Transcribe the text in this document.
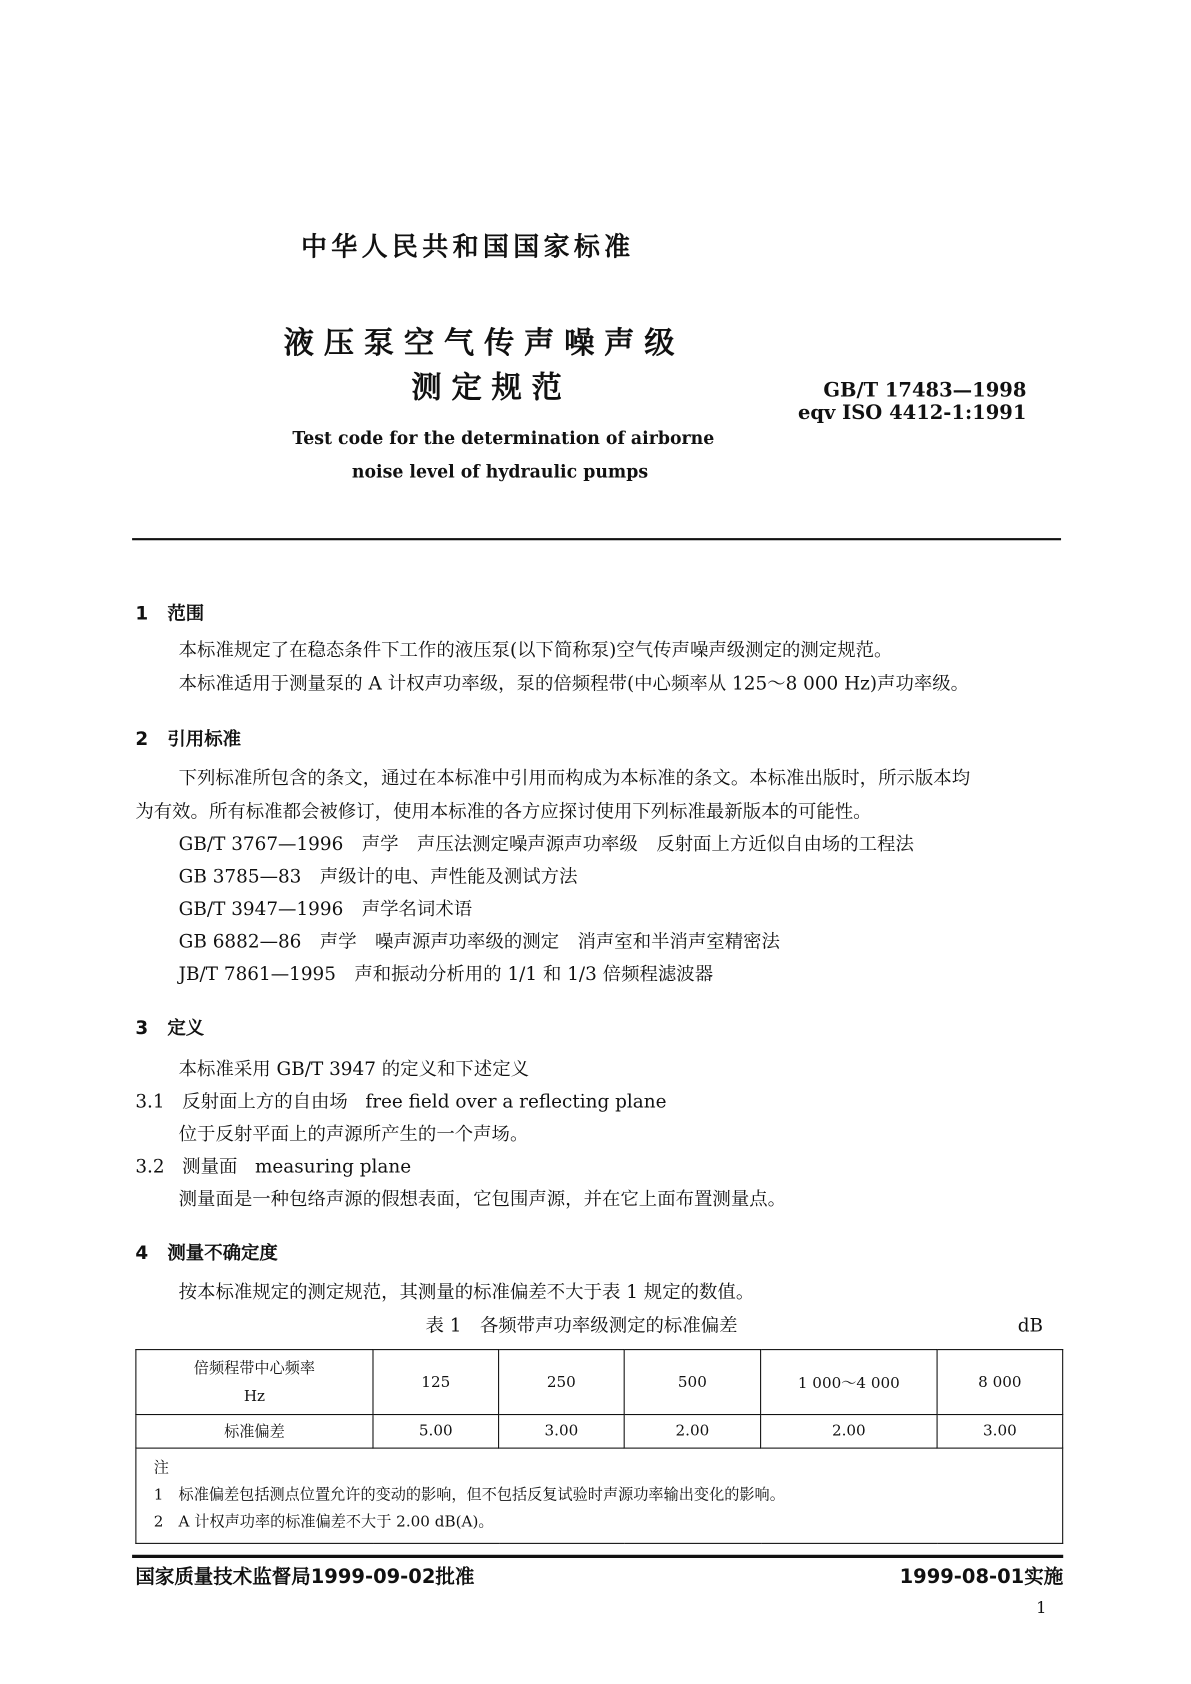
中华人民共和国国家标准
液压泵空气传声噪声级
测定规范	GB/T 17483—1998
eqv ISO 4412-1:1991
Test code for the determination of airborne
noise level of hydraulic pumps
1 范围
本标准规定了在稳态条件下工作的液压泵(以下简称泵)空气传声噪声级测定的测定规范。
本标准适用于测量泵的 A 计权声功率级，泵的倍频程带(中心频率从 125～8 000 Hz)声功率级。
2 引用标准
下列标准所包含的条文，通过在本标准中引用而构成为本标准的条文。本标准出版时，所示版本均
为有效。所有标准都会被修订，使用本标准的各方应探讨使用下列标准最新版本的可能性。
GB/T 3767—1996　声学　声压法测定噪声源声功率级　反射面上方近似自由场的工程法
GB 3785—83　声级计的电、声性能及测试方法
GB/T 3947—1996　声学名词术语
GB 6882—86　声学　噪声源声功率级的测定　消声室和半消声室精密法
JB/T 7861—1995　声和振动分析用的 1/1 和 1/3 倍频程滤波器
3 定义
本标准采用 GB/T 3947 的定义和下述定义
3.1 反射面上方的自由场 free field over a reflecting plane
位于反射平面上的声源所产生的一个声场。
3.2 测量面 measuring plane
测量面是一种包络声源的假想表面，它包围声源，并在它上面布置测量点。
4 测量不确定度
按本标准规定的测定规范，其测量的标准偏差不大于表 1 规定的数值。
表 1　各频带声功率级测定的标准偏差	dB
倍频程带中心频率
Hz	125	250	500	1 000～4 000	8 000
标准偏差	5.00	3.00	2.00	2.00	3.00

注
1　标准偏差包括测点位置允许的变动的影响，但不包括反复试验时声源功率输出变化的影响。
2　A 计权声功率的标准偏差不大于 2.00 dB(A)。					
国家质量技术监督局1999-09-02批准	1999-08-01实施
1
